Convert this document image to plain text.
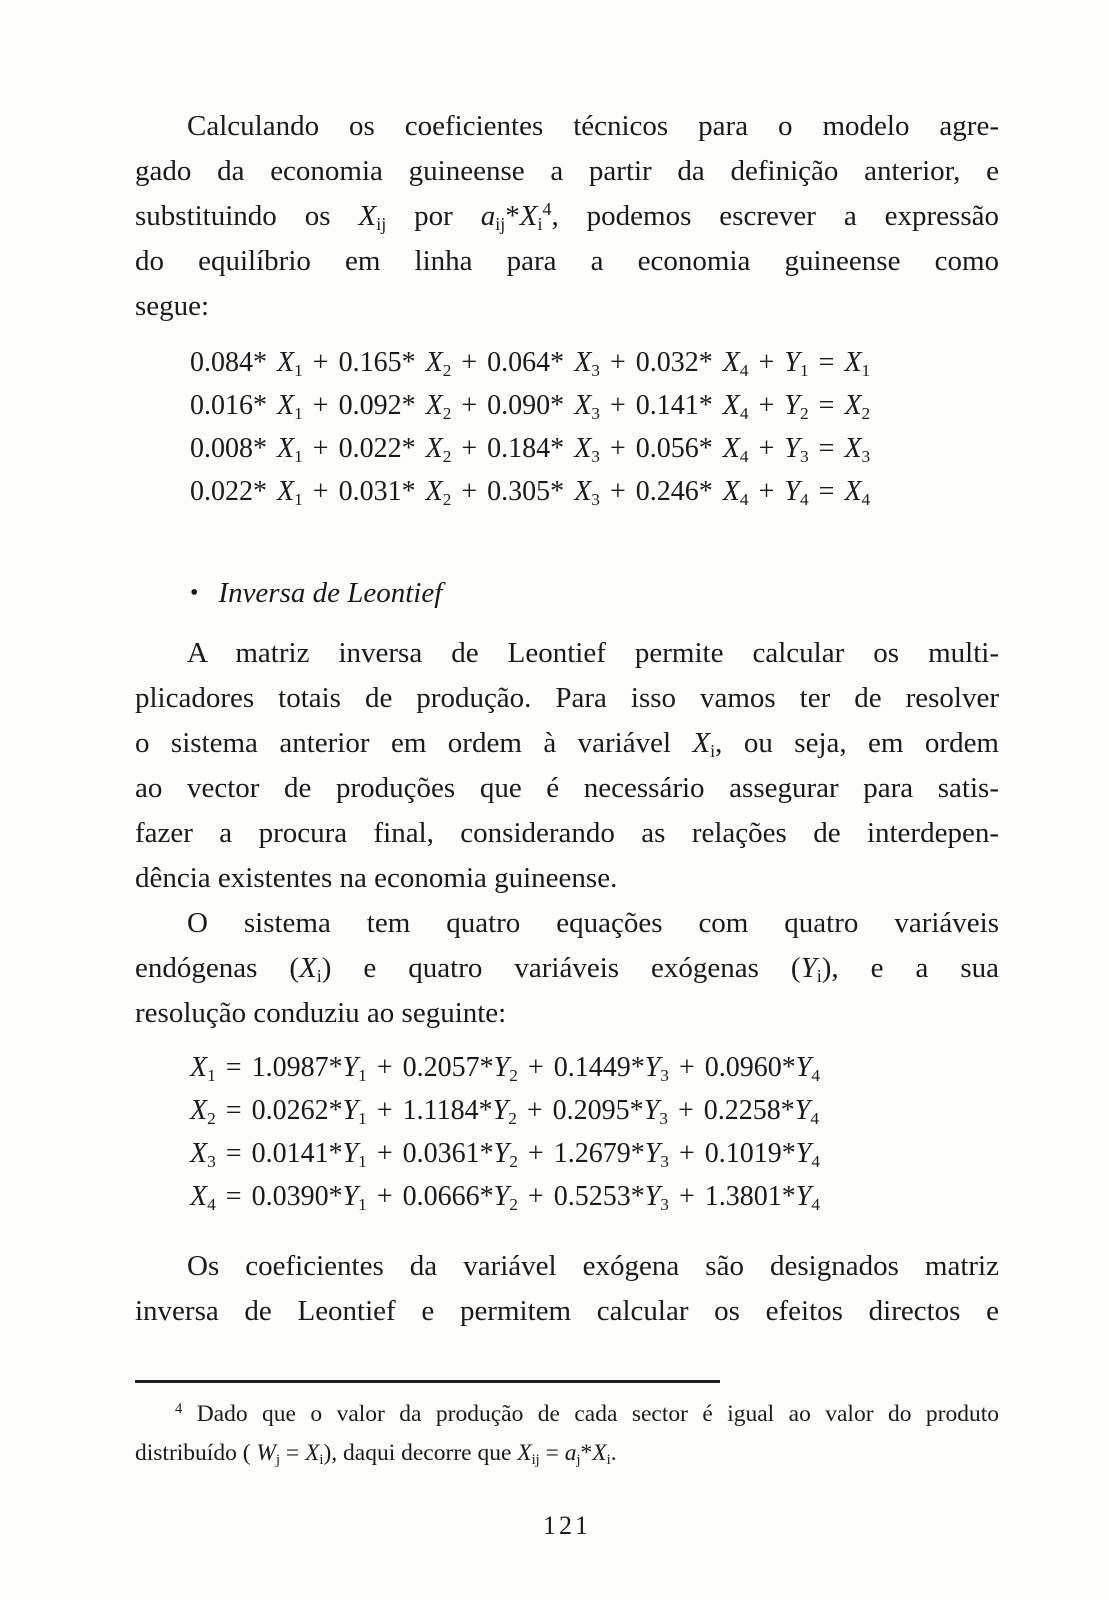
Calculando os coeficientes técnicos para o modelo agre-
gado da economia guineense a partir da definição anterior, e
substituindo os $X_{ij}$ por $a_{ij}*X_i^4$, podemos escrever a expressão
do equilíbrio em linha para a economia guineense como
segue:
0.084* $X_1 + 0.165*$ $X_2 + 0.064*$ $X_3 + 0.032*$ $X_4 + Y_1 = X_1$
0.016* $X_1 + 0.092*$ $X_2 + 0.090*$ $X_3 + 0.141*$ $X_4 + Y_2 = X_2$
0.008* $X_1 + 0.022*$ $X_2 + 0.184*$ $X_3 + 0.056*$ $X_4 + Y_3 = X_3$
0.022* $X_1 + 0.031*$ $X_2 + 0.305*$ $X_3 + 0.246*$ $X_4 + Y_4 = X_4$
• Inversa de Leontief
A matriz inversa de Leontief permite calcular os multi-
plicadores totais de produção. Para isso vamos ter de resolver
o sistema anterior em ordem à variável $X_i$, ou seja, em ordem
ao vector de produções que é necessário assegurar para satis-
fazer a procura final, considerando as relações de interdepen-
dência existentes na economia guineense.
O sistema tem quatro equações com quatro variáveis
endógenas $(X_i)$ e quatro variáveis exógenas $(Y_i)$, e a sua
resolução conduziu ao seguinte:
$X_1 = 1.0987*Y_1 + 0.2057*Y_2 + 0.1449*Y_3 + 0.0960*Y_4$
$X_2 = 0.0262*Y_1 + 1.1184*Y_2 + 0.2095*Y_3 + 0.2258*Y_4$
$X_3 = 0.0141*Y_1 + 0.0361*Y_2 + 1.2679*Y_3 + 0.1019*Y_4$
$X_4 = 0.0390*Y_1 + 0.0666*Y_2 + 0.5253*Y_3 + 1.3801*Y_4$
Os coeficientes da variável exógena são designados matriz
inversa de Leontief e permitem calcular os efeitos directos e
$^4$ Dado que o valor da produção de cada sector é igual ao valor do produto
distribuído ( $W_j = X_i$), daqui decorre que $X_{ij} = a_j*X_i$.
121
